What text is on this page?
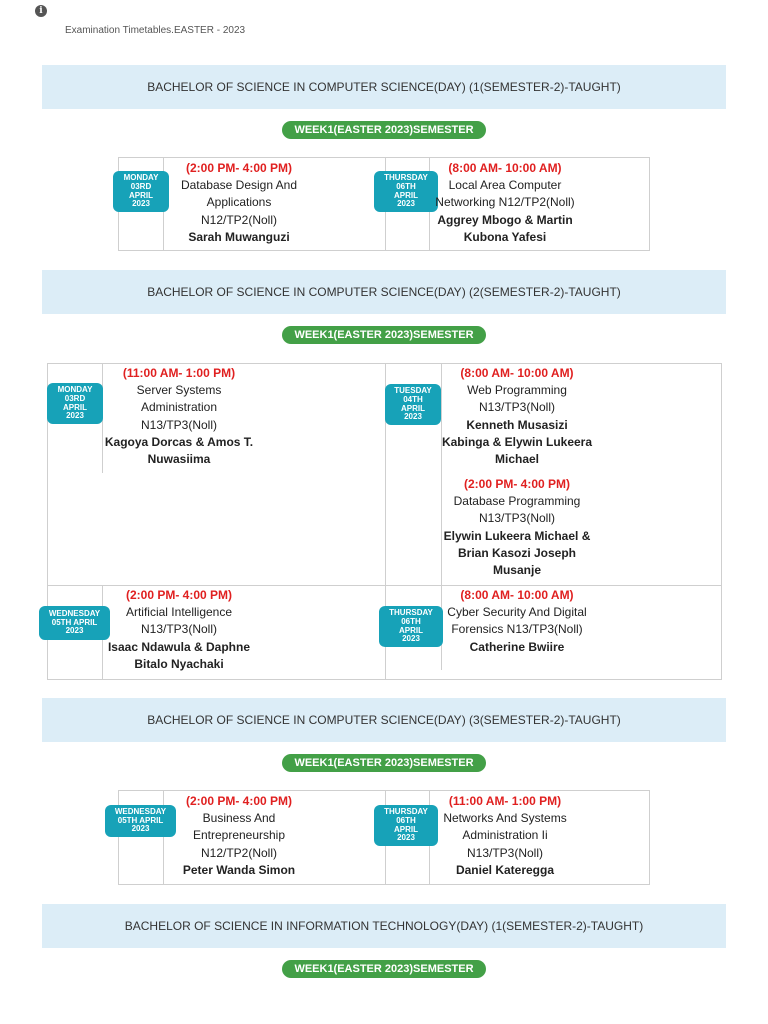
i
Examination Timetables.EASTER - 2023
BACHELOR OF SCIENCE IN COMPUTER SCIENCE(DAY) (1(SEMESTER-2)-TAUGHT)
WEEK1(EASTER 2023)SEMESTER
MONDAY
03RD
APRIL
2023
(2:00 PM- 4:00 PM)
Database Design And
Applications
N12/TP2(Noll)
Sarah Muwanguzi
THURSDAY
06TH
APRIL
2023
(8:00 AM- 10:00 AM)
Local Area Computer
Networking N12/TP2(Noll)
Aggrey Mbogo & Martin
Kubona Yafesi
BACHELOR OF SCIENCE IN COMPUTER SCIENCE(DAY) (2(SEMESTER-2)-TAUGHT)
WEEK1(EASTER 2023)SEMESTER
MONDAY
03RD
APRIL
2023
(11:00 AM- 1:00 PM)
Server Systems
Administration
N13/TP3(Noll)
Kagoya Dorcas & Amos T.
Nuwasiima
TUESDAY
04TH
APRIL
2023
(8:00 AM- 10:00 AM)
Web Programming
N13/TP3(Noll)
Kenneth Musasizi
Kabinga & Elywin Lukeera
Michael
(2:00 PM- 4:00 PM)
Database Programming
N13/TP3(Noll)
Elywin Lukeera Michael &
Brian Kasozi Joseph
Musanje
WEDNESDAY
05TH APRIL
2023
(2:00 PM- 4:00 PM)
Artificial Intelligence
N13/TP3(Noll)
Isaac Ndawula & Daphne
Bitalo Nyachaki
THURSDAY
06TH
APRIL
2023
(8:00 AM- 10:00 AM)
Cyber Security And Digital
Forensics N13/TP3(Noll)
Catherine Bwiire
BACHELOR OF SCIENCE IN COMPUTER SCIENCE(DAY) (3(SEMESTER-2)-TAUGHT)
WEEK1(EASTER 2023)SEMESTER
WEDNESDAY
05TH APRIL
2023
(2:00 PM- 4:00 PM)
Business And
Entrepreneurship
N12/TP2(Noll)
Peter Wanda Simon
THURSDAY
06TH
APRIL
2023
(11:00 AM- 1:00 PM)
Networks And Systems
Administration Ii
N13/TP3(Noll)
Daniel Kateregga
BACHELOR OF SCIENCE IN INFORMATION TECHNOLOGY(DAY) (1(SEMESTER-2)-TAUGHT)
WEEK1(EASTER 2023)SEMESTER
